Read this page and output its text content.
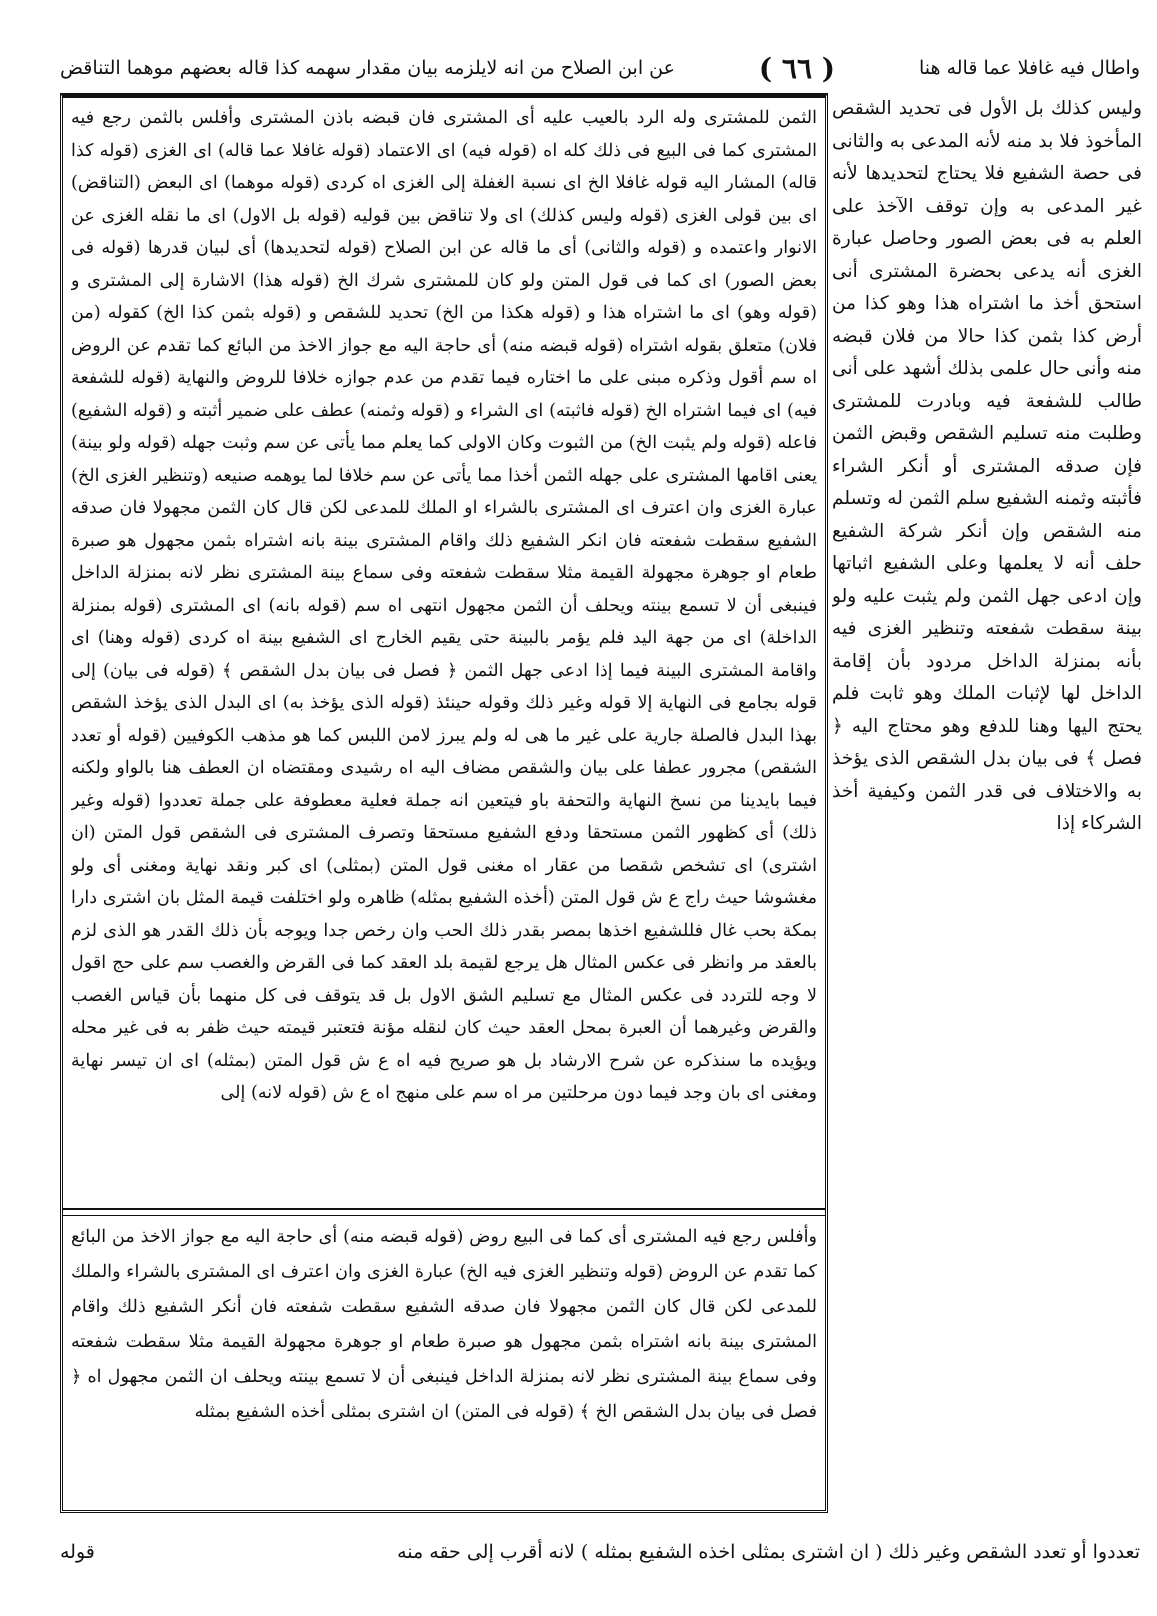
واطال فيه غافلا عما قاله هنا
( ٦٦ )
عن ابن الصلاح من انه لايلزمه بيان مقدار سهمه كذا قاله بعضهم موهما التناقض

الثمن للمشترى وله الرد بالعيب عليه أى المشترى فان قبضه باذن المشترى وأفلس بالثمن رجع فيه المشترى كما فى البيع فى ذلك كله اه (قوله فيه) اى الاعتماد (قوله غافلا عما قاله) اى الغزى (قوله كذا قاله) المشار اليه قوله غافلا الخ اى نسبة الغفلة إلى الغزى اه كردى (قوله موهما) اى البعض (التناقض) اى بين قولى الغزى (قوله وليس كذلك) اى ولا تناقض بين قوليه (قوله بل الاول) اى ما نقله الغزى عن الانوار واعتمده و (قوله والثانى) أى ما قاله عن ابن الصلاح (قوله لتحديدها) أى لبيان قدرها (قوله فى بعض الصور) اى كما فى قول المتن ولو كان للمشترى شرك الخ (قوله هذا) الاشارة إلى المشترى و (قوله وهو) اى ما اشتراه هذا و (قوله هكذا من الخ) تحديد للشقص و (قوله بثمن كذا الخ) كقوله (من فلان) متعلق بقوله اشتراه (قوله قبضه منه) أى حاجة اليه مع جواز الاخذ من البائع كما تقدم عن الروض اه سم أقول وذكره مبنى على ما اختاره فيما تقدم من عدم جوازه خلافا للروض والنهاية (قوله للشفعة فيه) اى فيما اشتراه الخ (قوله فاثبته) اى الشراء و (قوله وثمنه) عطف على ضمير أثبته و (قوله الشفيع) فاعله (قوله ولم يثبت الخ) من الثبوت وكان الاولى كما يعلم مما يأتى عن سم وثبت جهله (قوله ولو بينة) يعنى اقامها المشترى على جهله الثمن أخذا مما يأتى عن سم خلافا لما يوهمه صنيعه (وتنظير الغزى الخ) عبارة الغزى وان اعترف اى المشترى بالشراء او الملك للمدعى لكن قال كان الثمن مجهولا فان صدقه الشفيع سقطت شفعته فان انكر الشفيع ذلك واقام المشترى بينة بانه اشتراه بثمن مجهول هو صبرة طعام او جوهرة مجهولة القيمة مثلا سقطت شفعته وفى سماع بينة المشترى نظر لانه بمنزلة الداخل فينبغى أن لا تسمع بينته ويحلف أن الثمن مجهول انتهى اه سم (قوله بانه) اى المشترى (قوله بمنزلة الداخلة) اى من جهة اليد فلم يؤمر بالبينة حتى يقيم الخارج اى الشفيع بينة اه كردى (قوله وهنا) اى واقامة المشترى البينة فيما إذا ادعى جهل الثمن ﴿ فصل فى بيان بدل الشقص ﴾ (قوله فى بيان) إلى قوله بجامع فى النهاية إلا قوله وغير ذلك وقوله حينئذ (قوله الذى يؤخذ به) اى البدل الذى يؤخذ الشقص بهذا البدل فالصلة جارية على غير ما هى له ولم يبرز لامن اللبس كما هو مذهب الكوفيين (قوله أو تعدد الشقص) مجرور عطفا على بيان والشقص مضاف اليه اه رشيدى ومقتضاه ان العطف هنا بالواو ولكنه فيما بايدينا من نسخ النهاية والتحفة باو فيتعين انه جملة فعلية معطوفة على جملة تعددوا (قوله وغير ذلك) أى كظهور الثمن مستحقا ودفع الشفيع مستحقا وتصرف المشترى فى الشقص قول المتن (ان اشترى) اى تشخص شقصا من عقار اه مغنى قول المتن (بمثلى) اى كبر ونقد نهاية ومغنى أى ولو مغشوشا حيث راج ع ش قول المتن (أخذه الشفيع بمثله) ظاهره ولو اختلفت قيمة المثل بان اشترى دارا بمكة بحب غال فللشفيع اخذها بمصر بقدر ذلك الحب وان رخص جدا ويوجه بأن ذلك القدر هو الذى لزم بالعقد مر وانظر فى عكس المثال هل يرجع لقيمة بلد العقد كما فى القرض والغصب سم على حج اقول لا وجه للتردد فى عكس المثال مع تسليم الشق الاول بل قد يتوقف فى كل منهما بأن قياس الغصب والقرض وغيرهما أن العبرة بمحل العقد حيث كان لنقله مؤنة فتعتبر قيمته حيث ظفر به فى غير محله ويؤيده ما سنذكره عن شرح الارشاد بل هو صريح فيه اه ع ش قول المتن (بمثله) اى ان تيسر نهاية ومغنى اى بان وجد فيما دون مرحلتين مر اه سم على منهج اه ع ش (قوله لانه) إلى

وأفلس رجع فيه المشترى أى كما فى البيع روض (قوله قبضه منه) أى حاجة اليه مع جواز الاخذ من البائع كما تقدم عن الروض (قوله وتنظير الغزى فيه الخ) عبارة الغزى وان اعترف اى المشترى بالشراء والملك للمدعى لكن قال كان الثمن مجهولا فان صدقه الشفيع سقطت شفعته فان أنكر الشفيع ذلك واقام المشترى بينة بانه اشتراه بثمن مجهول هو صبرة طعام او جوهرة مجهولة القيمة مثلا سقطت شفعته وفى سماع بينة المشترى نظر لانه بمنزلة الداخل فينبغى أن لا تسمع بينته ويحلف ان الثمن مجهول اه ﴿ فصل فى بيان بدل الشقص الخ ﴾ (قوله فى المتن) ان اشترى بمثلى أخذه الشفيع بمثله

وليس كذلك بل الأول فى تحديد الشقص المأخوذ فلا بد منه لأنه المدعى به والثانى فى حصة الشفيع فلا يحتاج لتحديدها لأنه غير المدعى به وإن توقف الآخذ على العلم به فى بعض الصور وحاصل عبارة الغزى أنه يدعى بحضرة المشترى أنى استحق أخذ ما اشتراه هذا وهو كذا من أرض كذا بثمن كذا حالا من فلان قبضه منه وأنى حال علمى بذلك أشهد على أنى طالب للشفعة فيه وبادرت للمشترى وطلبت منه تسليم الشقص وقبض الثمن فإن صدقه المشترى أو أنكر الشراء فأثبته وثمنه الشفيع سلم الثمن له وتسلم منه الشقص وإن أنكر شركة الشفيع حلف أنه لا يعلمها وعلى الشفيع اثباتها وإن ادعى جهل الثمن ولم يثبت عليه ولو بينة سقطت شفعته وتنظير الغزى فيه بأنه بمنزلة الداخل مردود بأن إقامة الداخل لها لإثبات الملك وهو ثابت فلم يحتج اليها وهنا للدفع وهو محتاج اليه ﴿ فصل ﴾ فى بيان بدل الشقص الذى يؤخذ به والاختلاف فى قدر الثمن وكيفية أخذ الشركاء إذا

تعددوا أو تعدد الشقص وغير ذلك ( ان اشترى بمثلى اخذه الشفيع بمثله ) لانه أقرب إلى حقه منه
قوله
